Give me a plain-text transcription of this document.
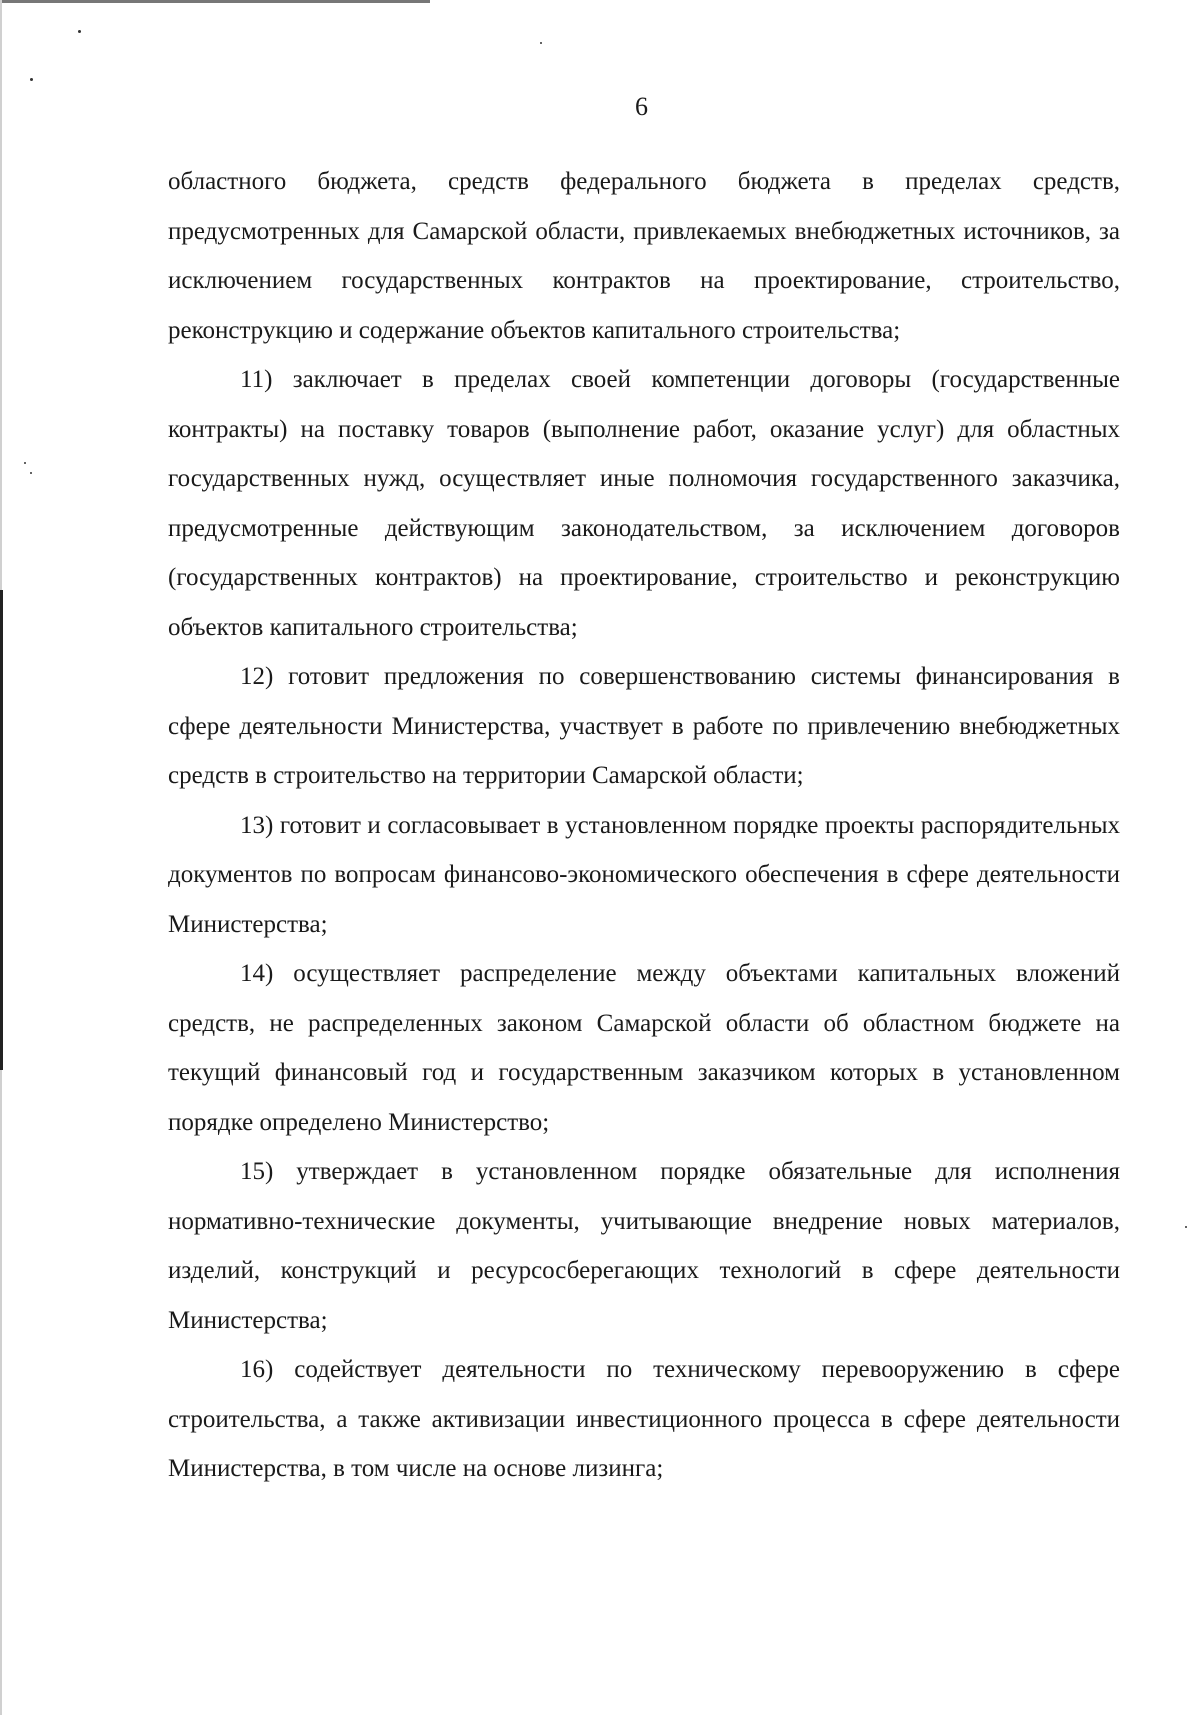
6

областного бюджета, средств федерального бюджета в пределах средств, предусмотренных для Самарской области, привлекаемых внебюджетных источников, за исключением государственных контрактов на проектирование, строительство, реконструкцию и содержание объектов капитального строительства;

11) заключает в пределах своей компетенции договоры (государственные контракты) на поставку товаров (выполнение работ, оказание услуг) для областных государственных нужд, осуществляет иные полномочия государственного заказчика, предусмотренные действующим законодательством, за исключением договоров (государственных контрактов) на проектирование, строительство и реконструкцию объектов капитального строительства;

12) готовит предложения по совершенствованию системы финансирования в сфере деятельности Министерства, участвует в работе по привлечению внебюджетных средств в строительство на территории Самарской области;

13) готовит и согласовывает в установленном порядке проекты распорядительных документов по вопросам финансово-экономического обеспечения в сфере деятельности Министерства;

14) осуществляет распределение между объектами капитальных вложений средств, не распределенных законом Самарской области об областном бюджете на текущий финансовый год и государственным заказчиком которых в установленном порядке определено Министерство;

15) утверждает в установленном порядке обязательные для исполнения нормативно-технические документы, учитывающие внедрение новых материалов, изделий, конструкций и ресурсосберегающих технологий в сфере деятельности Министерства;

16) содействует деятельности по техническому перевооружению в сфере строительства, а также активизации инвестиционного процесса в сфере деятельности Министерства, в том числе на основе лизинга;
